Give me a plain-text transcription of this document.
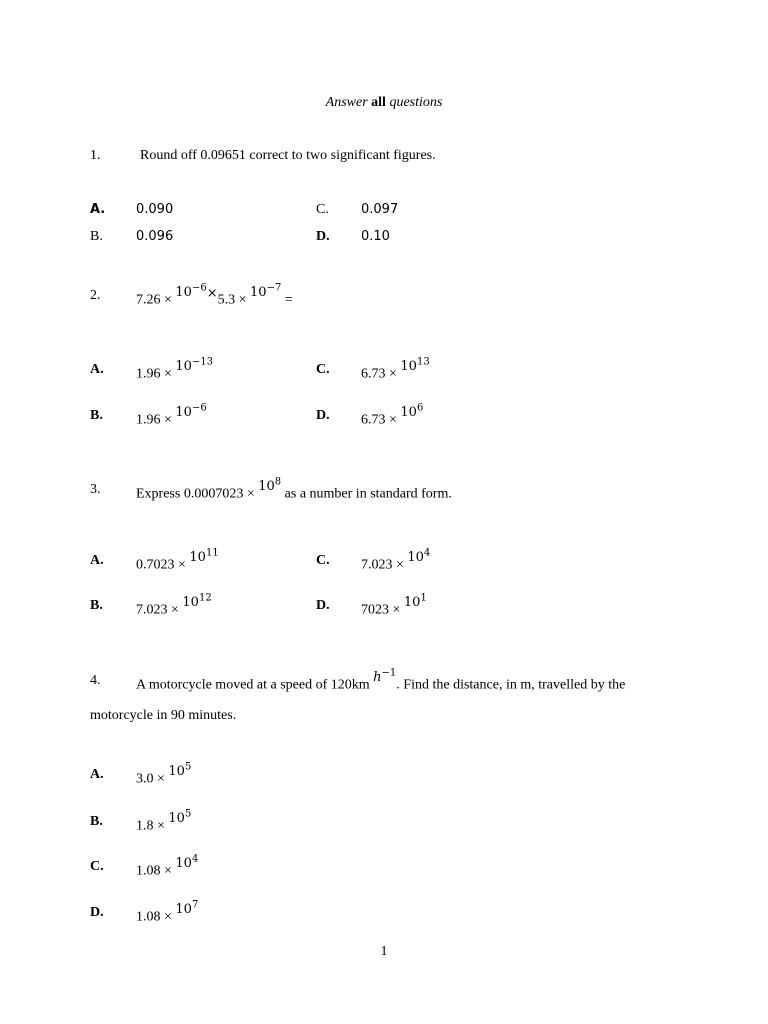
Answer all questions
1.	Round off 0.09651 correct to two significant figures.
A. 0.090	C. 0.097
B.	0.096	D. 0.10
2.	$7.26 \times 10^{-6}\times 5.3 \times 10^{-7}$ =
A. $1.96 \times 10^{-13}$	C. $6.73 \times 10^{13}$
B. $1.96 \times 10^{-6}$	D. $6.73 \times 10^6$
3.	Express $0.0007023 \times 10^8$ as a number in standard form.
A. $0.7023 \times 10^{11}$	C. $7.023 \times 10^4$
B. $7.023 \times 10^{12}$	D. $7023 \times 10^1$
4.	A motorcycle moved at a speed of 120km $h^{-1}$. Find the distance, in m, travelled by the
motorcycle in 90 minutes.
A. $3.0 \times 10^5$
B. $1.8 \times 10^5$
C. $1.08 \times 10^4$
D. $1.08 \times 10^7$
1
